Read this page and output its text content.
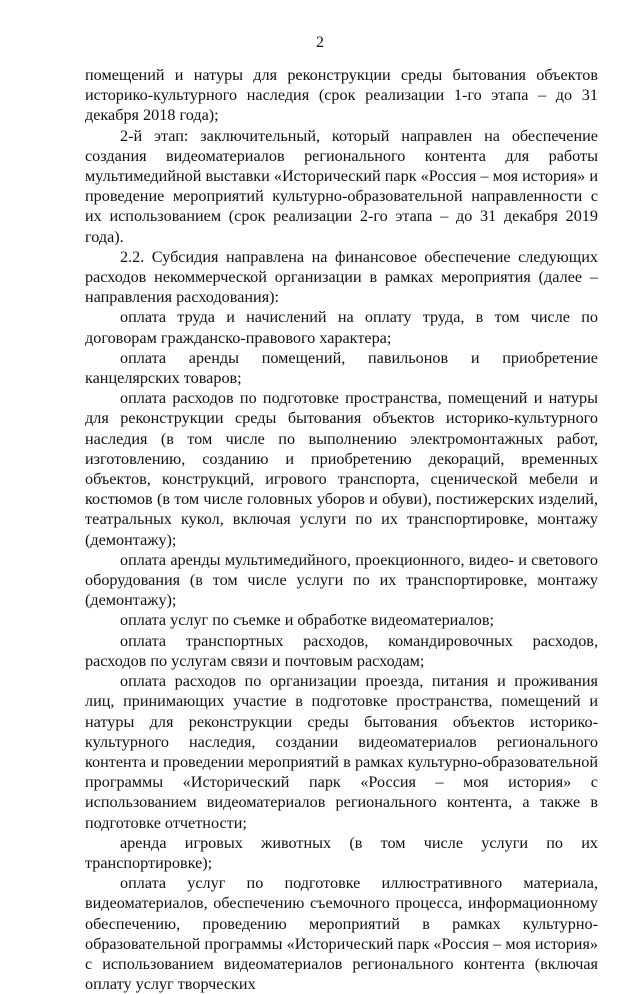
2

помещений и натуры для реконструкции среды бытования объектов историко-культурного наследия (срок реализации 1-го этапа – до 31 декабря 2018 года);

2-й этап: заключительный, который направлен на обеспечение создания видеоматериалов регионального контента для работы мультимедийной выставки «Исторический парк «Россия – моя история» и проведение мероприятий культурно-образовательной направленности с их использованием (срок реализации 2-го этапа – до 31 декабря 2019 года).

2.2. Субсидия направлена на финансовое обеспечение следующих расходов некоммерческой организации в рамках мероприятия (далее – направления расходования):

оплата труда и начислений на оплату труда, в том числе по договорам гражданско-правового характера;

оплата аренды помещений, павильонов и приобретение канцелярских товаров;

оплата расходов по подготовке пространства, помещений и натуры для реконструкции среды бытования объектов историко-культурного наследия (в том числе по выполнению электромонтажных работ, изготовлению, созданию и приобретению декораций, временных объектов, конструкций, игрового транспорта, сценической мебели и костюмов (в том числе головных уборов и обуви), постижерских изделий, театральных кукол, включая услуги по их транспортировке, монтажу (демонтажу);

оплата аренды мультимедийного, проекционного, видео- и светового оборудования (в том числе услуги по их транспортировке, монтажу (демонтажу);

оплата услуг по съемке и обработке видеоматериалов;

оплата транспортных расходов, командировочных расходов, расходов по услугам связи и почтовым расходам;

оплата расходов по организации проезда, питания и проживания лиц, принимающих участие в подготовке пространства, помещений и натуры для реконструкции среды бытования объектов историко-культурного наследия, создании видеоматериалов регионального контента и проведении мероприятий в рамках культурно-образовательной программы «Исторический парк «Россия – моя история» с использованием видеоматериалов регионального контента, а также в подготовке отчетности;

аренда игровых животных (в том числе услуги по их транспортировке);

оплата услуг по подготовке иллюстративного материала, видеоматериалов, обеспечению съемочного процесса, информационному обеспечению, проведению мероприятий в рамках культурно-образовательной программы «Исторический парк «Россия – моя история» с использованием видеоматериалов регионального контента (включая оплату услуг творческих
